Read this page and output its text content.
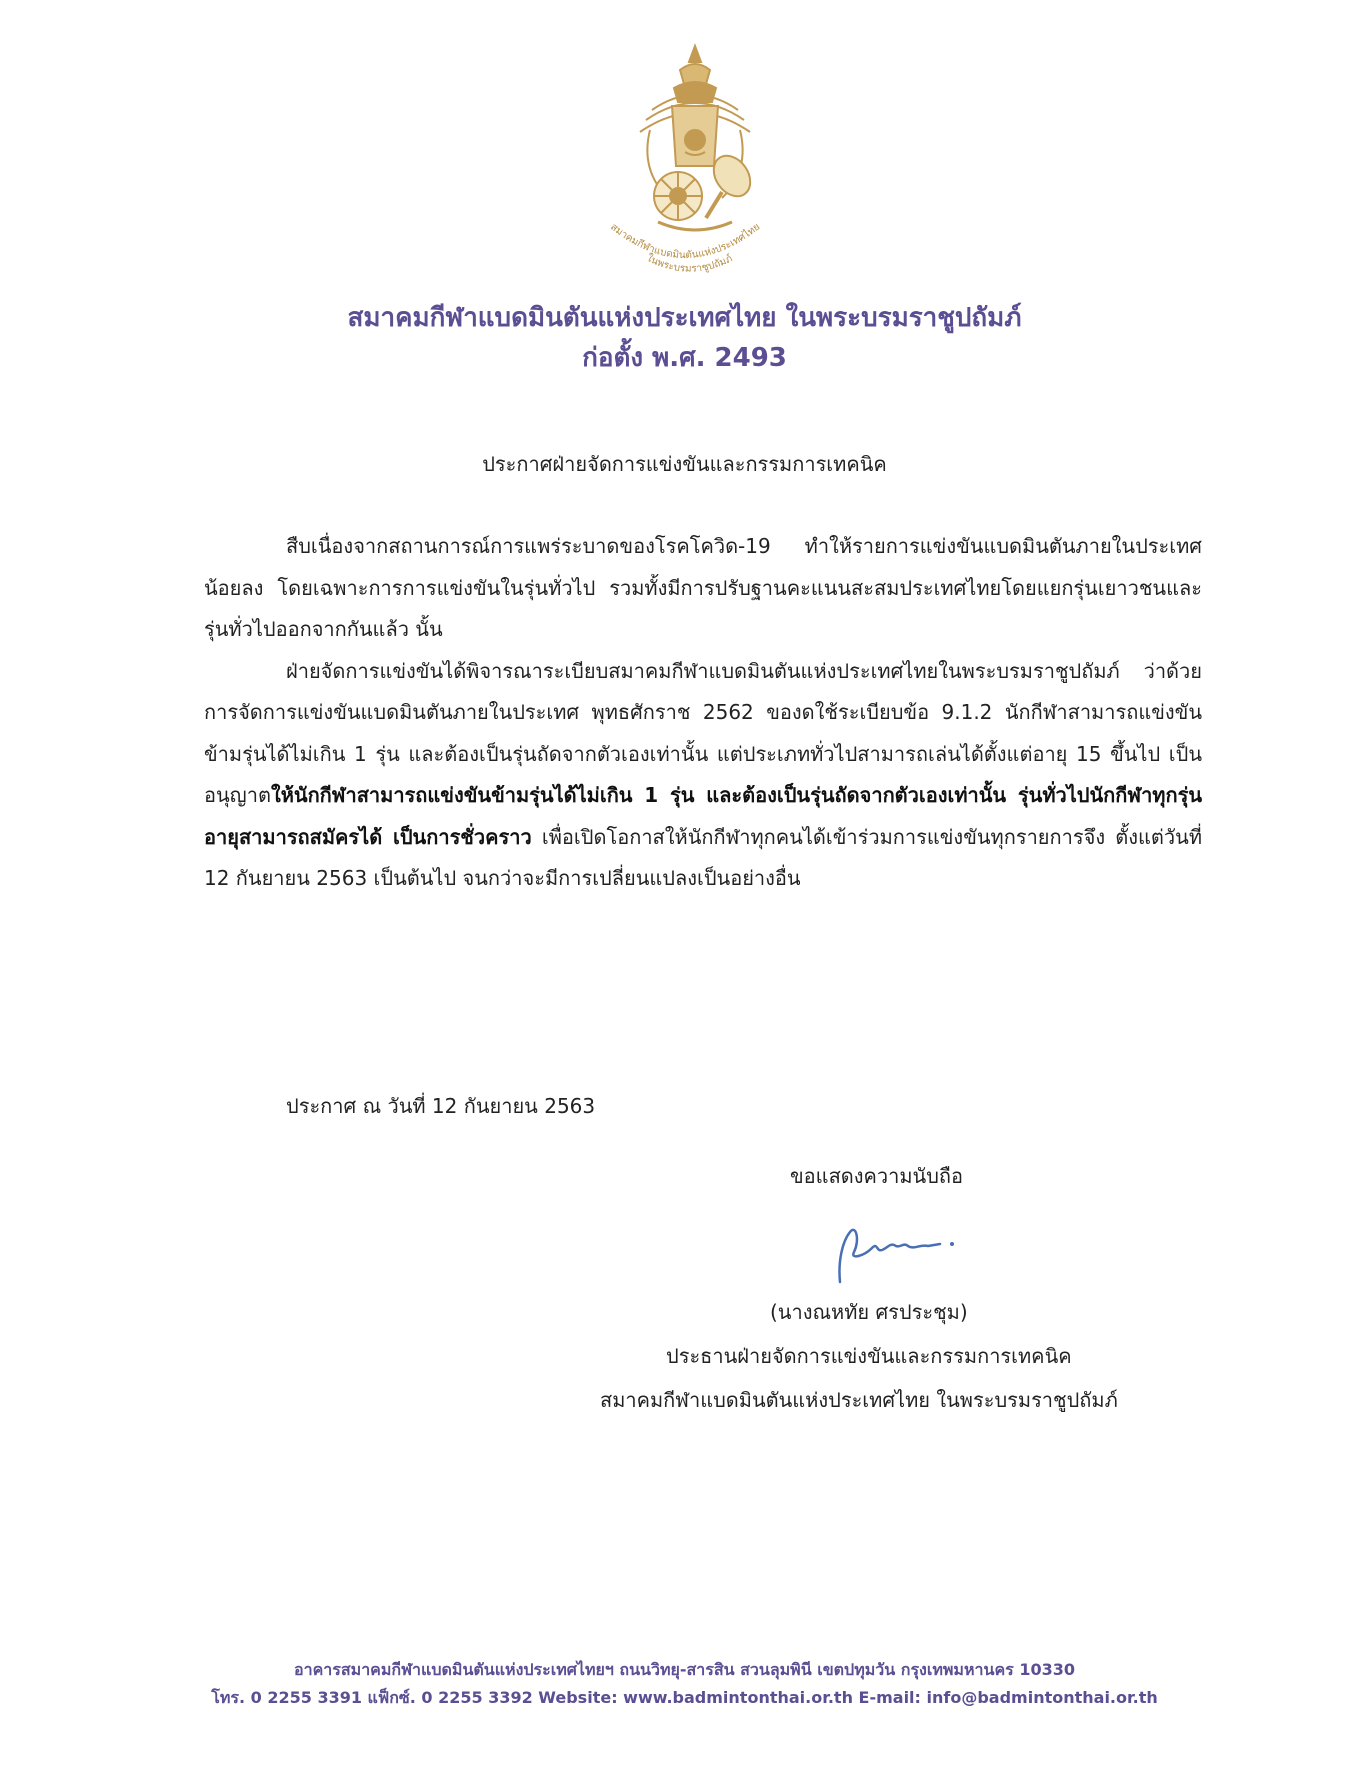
สมาคมกีฬาแบดมินตันแห่งประเทศไทย
ในพระบรมราชูปถัมภ์
สมาคมกีฬาแบดมินตันแห่งประเทศไทย ในพระบรมราชูปถัมภ์
ก่อตั้ง พ.ศ. 2493
ประกาศฝ่ายจัดการแข่งขันและกรรมการเทคนิค

สืบเนื่องจากสถานการณ์การแพร่ระบาดของโรคโควิด-19 ทำให้รายการแข่งขันแบดมินตันภายในประเทศน้อยลง โดยเฉพาะการการแข่งขันในรุ่นทั่วไป รวมทั้งมีการปรับฐานคะแนนสะสมประเทศไทยโดยแยกรุ่นเยาวชนและรุ่นทั่วไปออกจากกันแล้ว นั้น

ฝ่ายจัดการแข่งขันได้พิจารณาระเบียบสมาคมกีฬาแบดมินตันแห่งประเทศไทยในพระบรมราชูปถัมภ์ ว่าด้วยการจัดการแข่งขันแบดมินตันภายในประเทศ พุทธศักราช 2562 ของดใช้ระเบียบข้อ 9.1.2 นักกีฬาสามารถแข่งขันข้ามรุ่นได้ไม่เกิน 1 รุ่น และต้องเป็นรุ่นถัดจากตัวเองเท่านั้น แต่ประเภททั่วไปสามารถเล่นได้ตั้งแต่อายุ 15 ขึ้นไป เป็นอนุญาตให้นักกีฬาสามารถแข่งขันข้ามรุ่นได้ไม่เกิน 1 รุ่น และต้องเป็นรุ่นถัดจากตัวเองเท่านั้น รุ่นทั่วไปนักกีฬาทุกรุ่นอายุสามารถสมัครได้ เป็นการชั่วคราว เพื่อเปิดโอกาสให้นักกีฬาทุกคนได้เข้าร่วมการแข่งขันทุกรายการจึง ตั้งแต่วันที่ 12 กันยายน 2563 เป็นต้นไป จนกว่าจะมีการเปลี่ยนแปลงเป็นอย่างอื่น

ประกาศ ณ วันที่ 12 กันยายน 2563
ขอแสดงความนับถือ
(นางณหทัย ศรประชุม)
ประธานฝ่ายจัดการแข่งขันและกรรมการเทคนิค
สมาคมกีฬาแบดมินตันแห่งประเทศไทย ในพระบรมราชูปถัมภ์
อาคารสมาคมกีฬาแบดมินตันแห่งประเทศไทยฯ ถนนวิทยุ-สารสิน สวนลุมพินี เขตปทุมวัน กรุงเทพมหานคร 10330
โทร. 0 2255 3391 แฟ็กซ์. 0 2255 3392 Website: www.badmintonthai.or.th E-mail: info@badmintonthai.or.th
